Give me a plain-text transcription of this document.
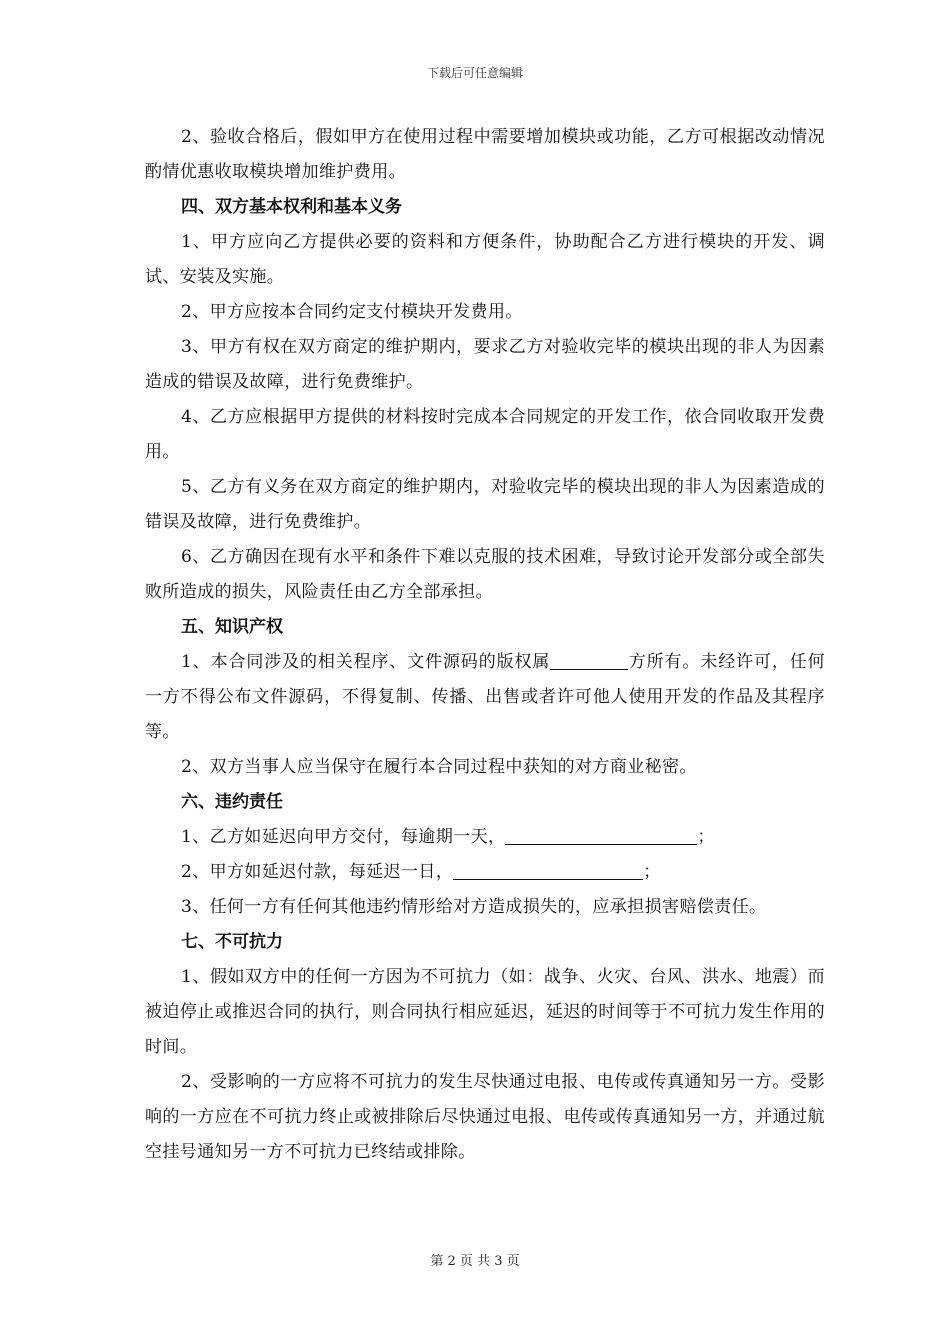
下载后可任意编辑

2、验收合格后，假如甲方在使用过程中需要增加模块或功能，乙方可根据改动情况酌情优惠收取模块增加维护费用。

四、双方基本权利和基本义务

1、甲方应向乙方提供必要的资料和方便条件，协助配合乙方进行模块的开发、调试、安装及实施。

2、甲方应按本合同约定支付模块开发费用。

3、甲方有权在双方商定的维护期内，要求乙方对验收完毕的模块出现的非人为因素造成的错误及故障，进行免费维护。

4、乙方应根据甲方提供的材料按时完成本合同规定的开发工作，依合同收取开发费用。

5、乙方有义务在双方商定的维护期内，对验收完毕的模块出现的非人为因素造成的错误及故障，进行免费维护。

6、乙方确因在现有水平和条件下难以克服的技术困难，导致讨论开发部分或全部失败所造成的损失，风险责任由乙方全部承担。

五、知识产权

1、本合同涉及的相关程序、文件源码的版权属	方所有。未经许可，任何一方不得公布文件源码，不得复制、传播、出售或者许可他人使用开发的作品及其程序等。

2、双方当事人应当保守在履行本合同过程中获知的对方商业秘密。

六、违约责任

1、乙方如延迟向甲方交付，每逾期一天，	；

2、甲方如延迟付款，每延迟一日，	；

3、任何一方有任何其他违约情形给对方造成损失的，应承担损害赔偿责任。

七、不可抗力

1、假如双方中的任何一方因为不可抗力（如：战争、火灾、台风、洪水、地震）而被迫停止或推迟合同的执行，则合同执行相应延迟，延迟的时间等于不可抗力发生作用的时间。

2、受影响的一方应将不可抗力的发生尽快通过电报、电传或传真通知另一方。受影响的一方应在不可抗力终止或被排除后尽快通过电报、电传或传真通知另一方，并通过航空挂号通知另一方不可抗力已终结或排除。

第 2 页 共 3 页
